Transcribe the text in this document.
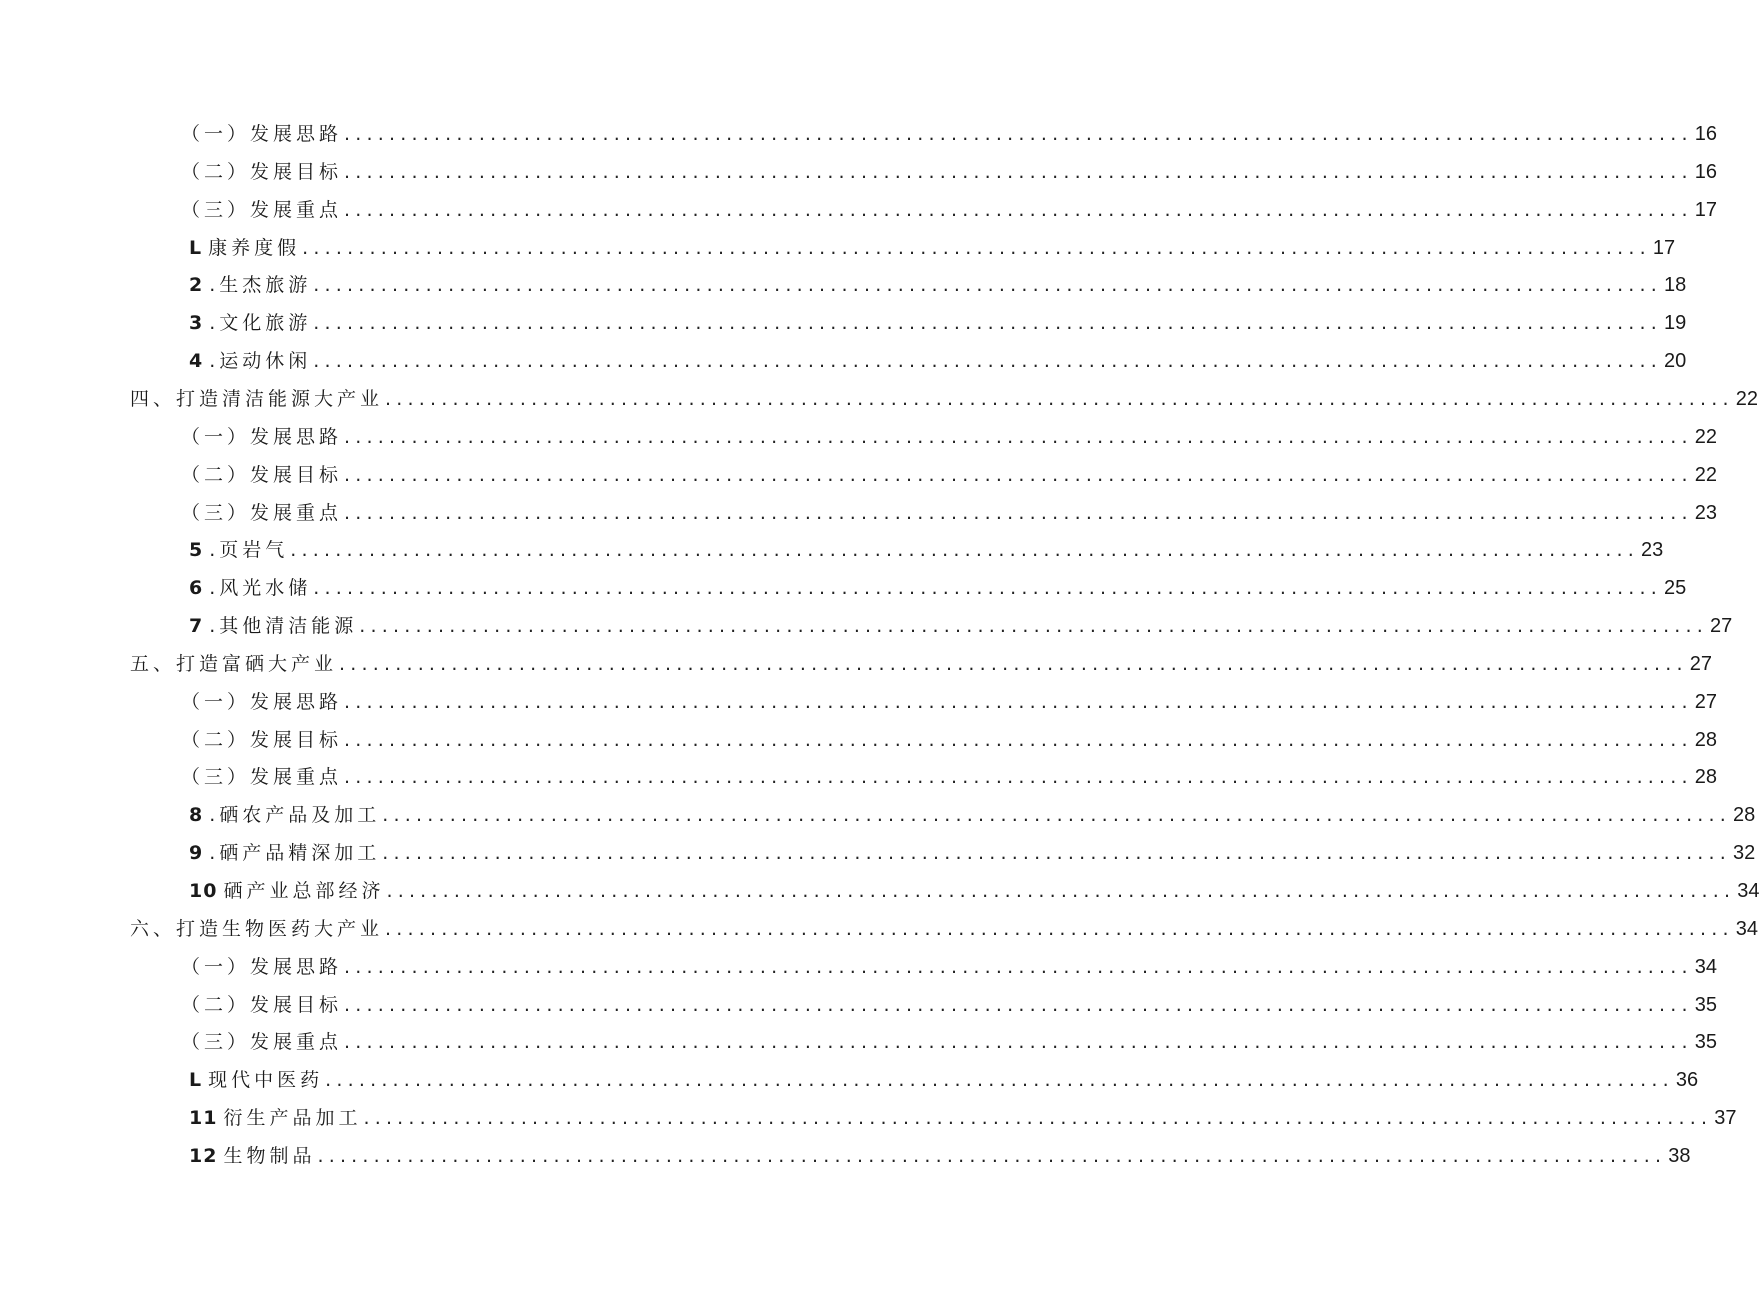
（一）发展思路 ........................................................................................................................ 16
（二）发展目标 ........................................................................................................................ 16
（三）发展重点 ........................................................................................................................ 17
L 康养度假 ........................................................................................................................ 17
2 .生杰旅游 ........................................................................................................................ 18
3 .文化旅游 ........................................................................................................................ 19
4 .运动休闲 ........................................................................................................................ 20
四、打造清洁能源大产业 ........................................................................................................................ 22
（一）发展思路 ........................................................................................................................ 22
（二）发展目标 ........................................................................................................................ 22
（三）发展重点 ........................................................................................................................ 23
5 .页岩气 ........................................................................................................................ 23
6 .风光水储 ........................................................................................................................ 25
7 .其他清洁能源 ........................................................................................................................ 27
五、打造富硒大产业 ........................................................................................................................ 27
（一）发展思路 ........................................................................................................................ 27
（二）发展目标 ........................................................................................................................ 28
（三）发展重点 ........................................................................................................................ 28
8 .硒农产品及加工 ........................................................................................................................ 28
9 .硒产品精深加工 ........................................................................................................................ 32
10 硒产业总部经济 ........................................................................................................................ 34
六、打造生物医药大产业 ........................................................................................................................ 34
（一）发展思路 ........................................................................................................................ 34
（二）发展目标 ........................................................................................................................ 35
（三）发展重点 ........................................................................................................................ 35
L 现代中医药 ........................................................................................................................ 36
11 衍生产品加工 ........................................................................................................................ 37
12 生物制品 ........................................................................................................................ 38
